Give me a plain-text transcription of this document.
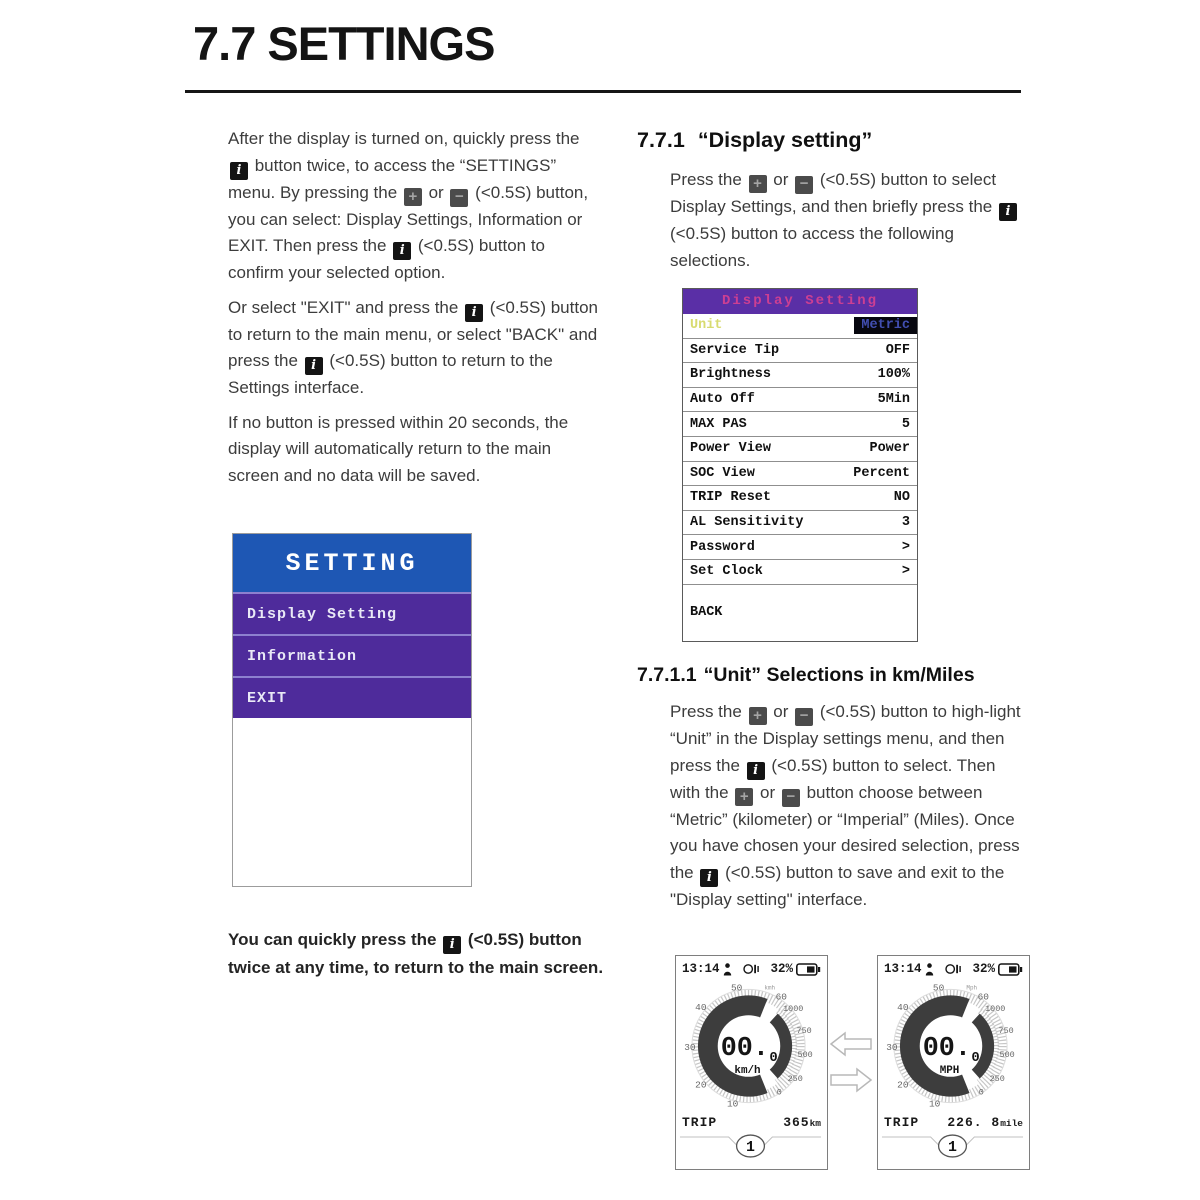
7.7 SETTINGS

After the display is turned on, quickly press the i button twice, to access the “SETTINGS” menu. By pressing the + or − (<0.5S) button, you can select: Display Settings, Information or EXIT. Then press the i (<0.5S) button to confirm your selected option.

Or select "EXIT" and press the i (<0.5S) button to return to the main menu, or select "BACK" and press the i (<0.5S) button to return to the Settings interface.

If no button is pressed within 20 seconds, the display will automatically return to the main screen and no data will be saved.

SETTING
Display Setting
Information
EXIT
You can quickly press the i (<0.5S) button twice at any time, to return to the main screen.
7.7.1 “Display setting”
Press the + or − (<0.5S) button to select Display Settings, and then briefly press the i (<0.5S) button to access the following selections.
Display Setting
Unit	Metric
Service Tip	OFF
Brightness	100%
Auto Off	5Min
MAX PAS	5
Power View	Power
SOC View	Percent
TRIP Reset	NO
AL Sensitivity	3
Password	>
Set Clock	>
BACK
7.7.1.1 “Unit” Selections in km/Miles
Press the + or − (<0.5S) button to high-light “Unit” in the Display settings menu, and then press the i (<0.5S) button to select. Then with the + or − button choose between “Metric” (kilometer) or “Imperial” (Miles). Once you have chosen your desired selection, press the i (<0.5S) button to save and exit to the "Display setting" interface.
13:14	32%
10
20
30
40
50
60
0
250
500
750
1000
kmh
00. 0
km/h
TRIP	365km
1
13:14	32%
10
20
30
40
50
60
0
250
500
750
1000
Mph
00. 0
MPH
TRIP 226. 8mile
1
